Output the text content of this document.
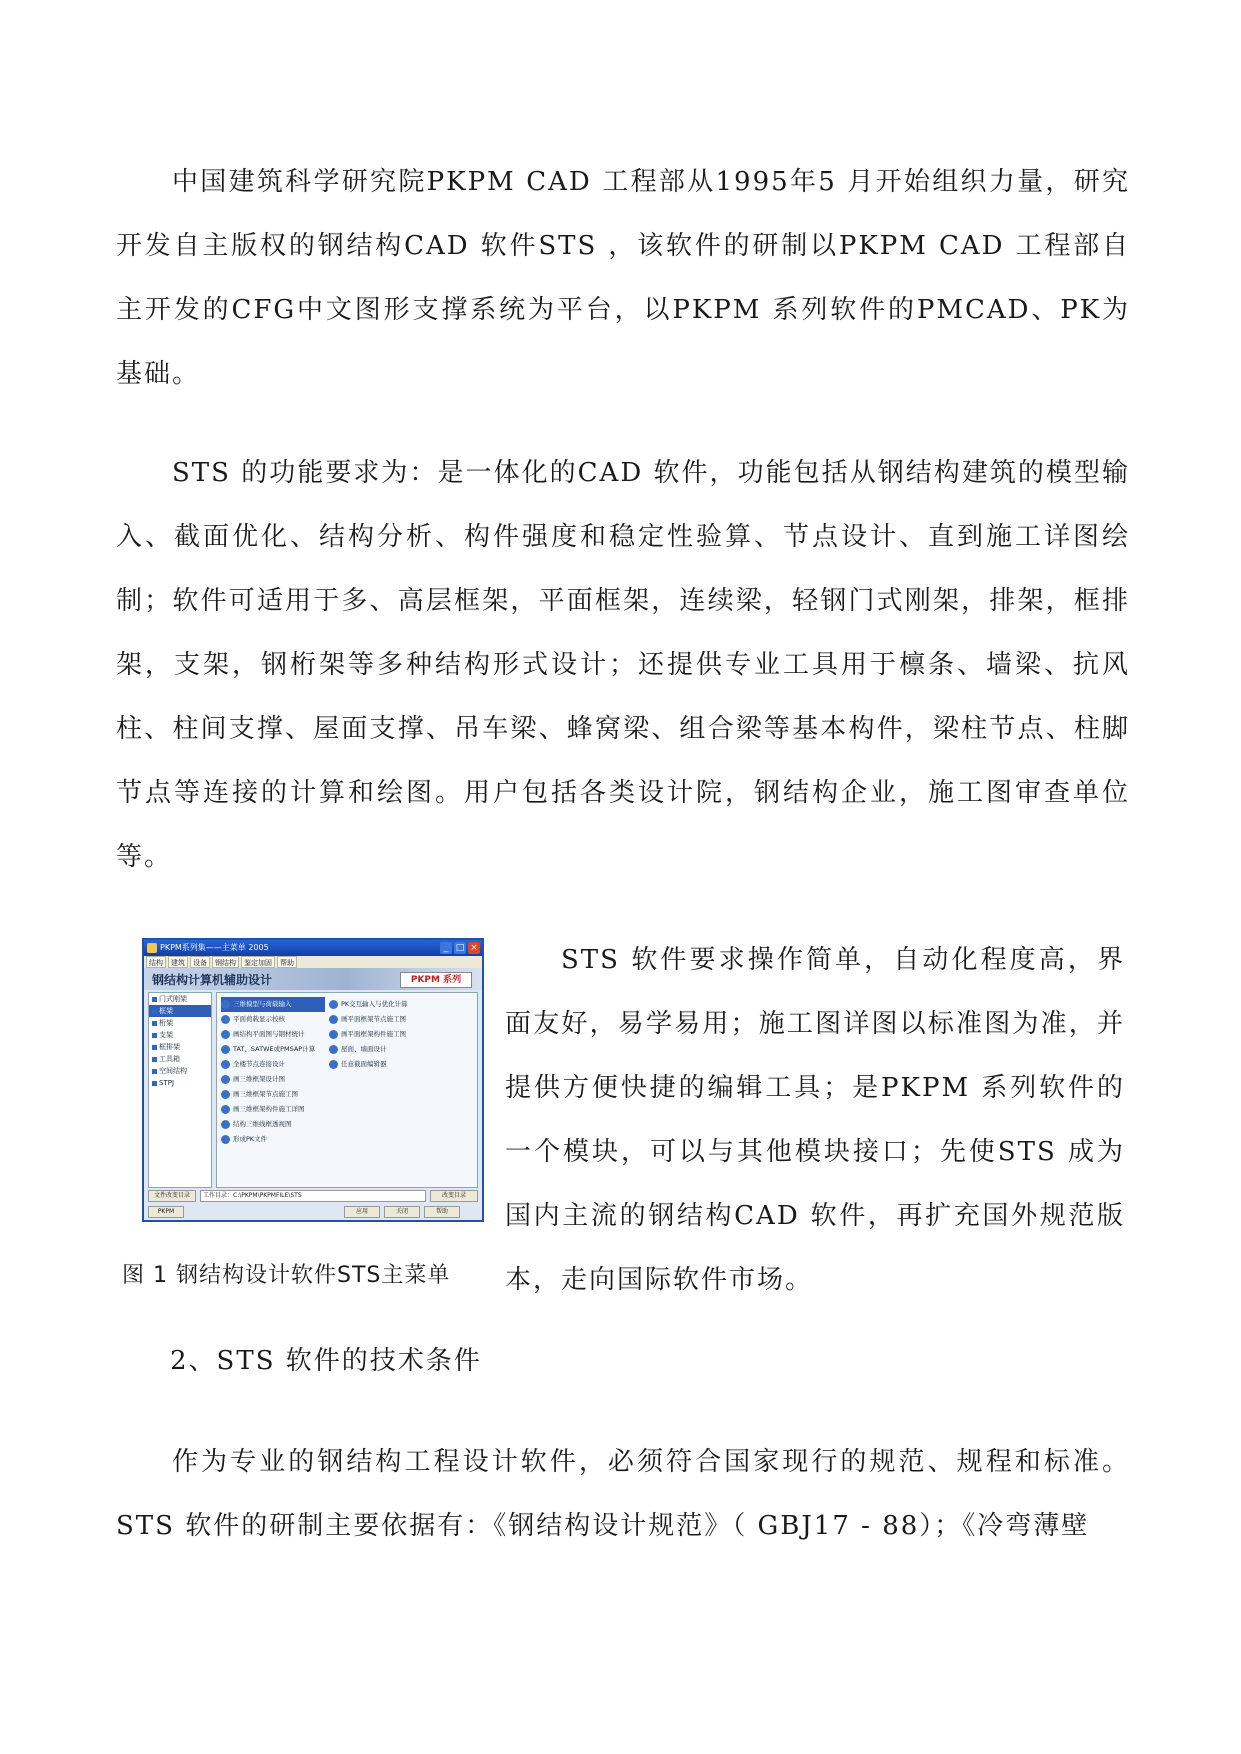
中国建筑科学研究院PKPM CAD 工程部从1995年5 月开始组织力量，研究开发自主版权的钢结构CAD 软件STS ，该软件的研制以PKPM CAD 工程部自主开发的CFG中文图形支撑系统为平台，以PKPM 系列软件的PMCAD、PK为基础。

STS 的功能要求为：是一体化的CAD 软件，功能包括从钢结构建筑的模型输入、截面优化、结构分析、构件强度和稳定性验算、节点设计、直到施工详图绘制；软件可适用于多、高层框架，平面框架，连续梁，轻钢门式刚架，排架，框排架，支架，钢桁架等多种结构形式设计；还提供专业工具用于檩条、墙梁、抗风柱、柱间支撑、屋面支撑、吊车梁、蜂窝梁、组合梁等基本构件，梁柱节点、柱脚节点等连接的计算和绘图。用户包括各类设计院，钢结构企业，施工图审查单位等。

PKPM系列集——主菜单 2005	_ □ ×
结构	建筑	设备	钢结构	鉴定加固	帮助
钢结构计算机辅助设计	PKPM 系列
门式刚架
框架
桁架
支架
框排架
工具箱
空间结构
STPJ
三维模型与荷载输入
平面荷载显示校核
画结构平面图与钢材统计
TAT、SATWE或PMSAP计算
全楼节点连接设计
画三维框架设计图
画三维框架节点施工图
画三维框架构件施工详图
结构三维线框透视图
形成PK文件
PK交互输入与优化计算
画平面框架节点施工图
画平面框架构件施工图
屋面、墙面设计
任意截面编辑器
文件改变目录	工作目录：C:\PKPM\PKPMFILE\STS	改变目录
PKPM	应用	关闭	帮助
图 1 钢结构设计软件STS主菜单

STS 软件要求操作简单，自动化程度高，界面友好，易学易用；施工图详图以标准图为准，并提供方便快捷的编辑工具；是PKPM 系列软件的一个模块，可以与其他模块接口；先使STS 成为国内主流的钢结构CAD 软件，再扩充国外规范版本，走向国际软件市场。

2、STS 软件的技术条件

作为专业的钢结构工程设计软件，必须符合国家现行的规范、规程和标准。STS 软件的研制主要依据有：《钢结构设计规范》（ GBJ17 - 88）；《冷弯薄壁
